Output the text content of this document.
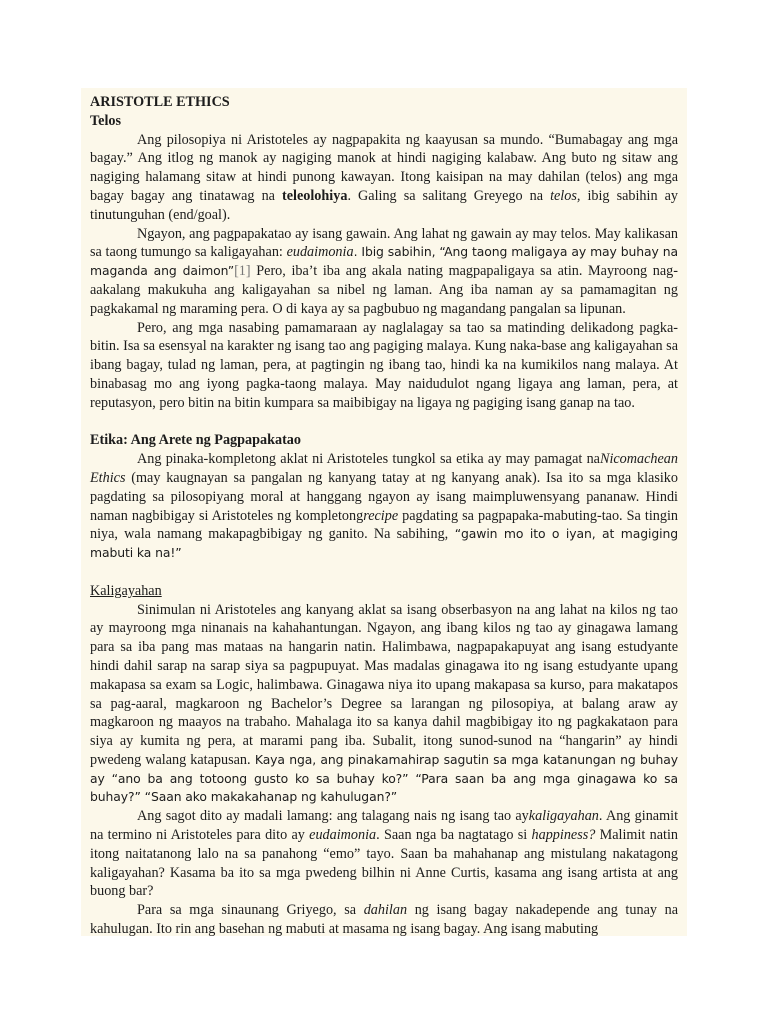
ARISTOTLE ETHICS
Telos

Ang pilosopiya ni Aristoteles ay nagpapakita ng kaayusan sa mundo. “Bumabagay ang mga bagay.” Ang itlog ng manok ay nagiging manok at hindi nagiging kalabaw. Ang buto ng sitaw ang nagiging halamang sitaw at hindi punong kawayan. Itong kaisipan na may dahilan (telos) ang mga bagay bagay ang tinatawag na teleolohiya. Galing sa salitang Greyego na telos, ibig sabihin ay tinutunguhan (end/goal).

Ngayon, ang pagpapakatao ay isang gawain. Ang lahat ng gawain ay may telos. May kalikasan sa taong tumungo sa kaligayahan: eudaimonia. Ibig sabihin, “Ang taong maligaya ay may buhay na maganda ang daimon”[1] Pero, iba’t iba ang akala nating magpapaligaya sa atin. Mayroong nag-aakalang makukuha ang kaligayahan sa nibel ng laman. Ang iba naman ay sa pamamagitan ng pagkakamal ng maraming pera. O di kaya ay sa pagbubuo ng magandang pangalan sa lipunan.

Pero, ang mga nasabing pamamaraan ay naglalagay sa tao sa matinding delikadong pagka-bitin. Isa sa esensyal na karakter ng isang tao ang pagiging malaya. Kung naka-base ang kaligayahan sa ibang bagay, tulad ng laman, pera, at pagtingin ng ibang tao, hindi ka na kumikilos nang malaya. At binabasag mo ang iyong pagka-taong malaya. May naidudulot ngang ligaya ang laman, pera, at reputasyon, pero bitin na bitin kumpara sa maibibigay na ligaya ng pagiging isang ganap na tao.

Etika: Ang Arete ng Pagpapakatao

Ang pinaka-kompletong aklat ni Aristoteles tungkol sa etika ay may pamagat naNicomachean Ethics (may kaugnayan sa pangalan ng kanyang tatay at ng kanyang anak). Isa ito sa mga klasiko pagdating sa pilosopiyang moral at hanggang ngayon ay isang maimpluwensyang pananaw. Hindi naman nagbibigay si Aristoteles ng kompletongrecipe pagdating sa pagpapaka-mabuting-tao. Sa tingin niya, wala namang makapagbibigay ng ganito. Na sabihing, “gawin mo ito o iyan, at magiging mabuti ka na!”

Kaligayahan

Sinimulan ni Aristoteles ang kanyang aklat sa isang obserbasyon na ang lahat na kilos ng tao ay mayroong mga ninanais na kahahantungan. Ngayon, ang ibang kilos ng tao ay ginagawa lamang para sa iba pang mas mataas na hangarin natin. Halimbawa, nagpapakapuyat ang isang estudyante hindi dahil sarap na sarap siya sa pagpupuyat. Mas madalas ginagawa ito ng isang estudyante upang makapasa sa exam sa Logic, halimbawa. Ginagawa niya ito upang makapasa sa kurso, para makatapos sa pag-aaral, magkaroon ng Bachelor’s Degree sa larangan ng pilosopiya, at balang araw ay magkaroon ng maayos na trabaho. Mahalaga ito sa kanya dahil magbibigay ito ng pagkakataon para siya ay kumita ng pera, at marami pang iba. Subalit, itong sunod-sunod na “hangarin” ay hindi pwedeng walang katapusan. Kaya nga, ang pinakamahirap sagutin sa mga katanungan ng buhay ay “ano ba ang totoong gusto ko sa buhay ko?” “Para saan ba ang mga ginagawa ko sa buhay?” “Saan ako makakahanap ng kahulugan?”

Ang sagot dito ay madali lamang: ang talagang nais ng isang tao aykaligayahan. Ang ginamit na termino ni Aristoteles para dito ay eudaimonia. Saan nga ba nagtatago si happiness? Malimit natin itong naitatanong lalo na sa panahong “emo” tayo. Saan ba mahahanap ang mistulang nakatagong kaligayahan? Kasama ba ito sa mga pwedeng bilhin ni Anne Curtis, kasama ang isang artista at ang buong bar?

Para sa mga sinaunang Griyego, sa dahilan ng isang bagay nakadepende ang tunay na kahulugan. Ito rin ang basehan ng mabuti at masama ng isang bagay. Ang isang mabuting
